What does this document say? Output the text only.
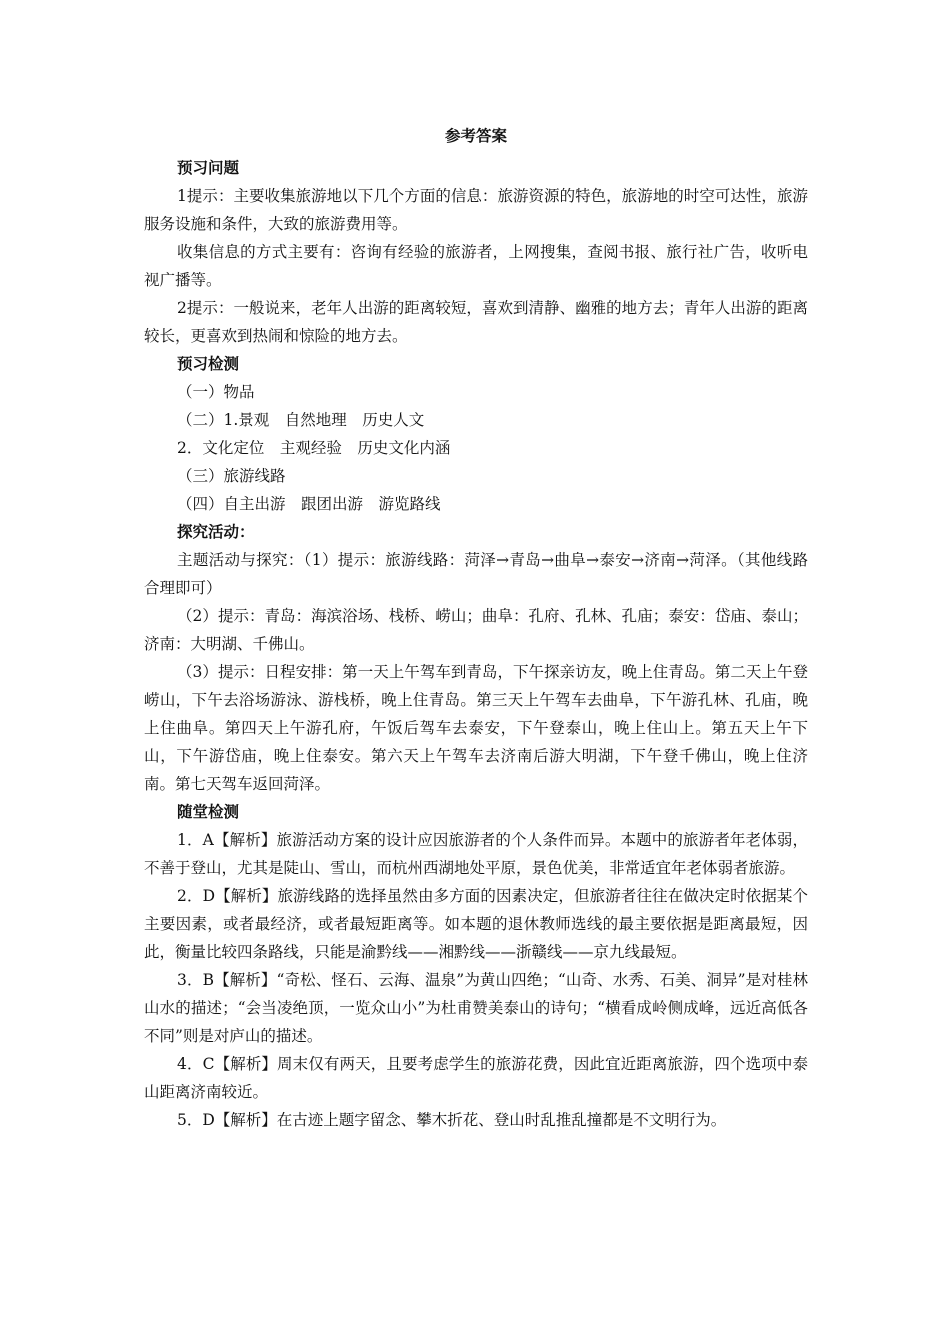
参考答案

预习问题

1提示：主要收集旅游地以下几个方面的信息：旅游资源的特色，旅游地的时空可达性，旅游服务设施和条件，大致的旅游费用等。

收集信息的方式主要有：咨询有经验的旅游者，上网搜集，查阅书报、旅行社广告，收听电视广播等。

2提示：一般说来，老年人出游的距离较短，喜欢到清静、幽雅的地方去；青年人出游的距离较长，更喜欢到热闹和惊险的地方去。

预习检测

（一）物品

（二）1.景观　自然地理　历史人文

2．文化定位　主观经验　历史文化内涵

（三）旅游线路

（四）自主出游　跟团出游　游览路线

探究活动：

主题活动与探究：（1）提示：旅游线路：菏泽→青岛→曲阜→泰安→济南→菏泽。（其他线路合理即可）

（2）提示：青岛：海滨浴场、栈桥、崂山；曲阜：孔府、孔林、孔庙；泰安：岱庙、泰山；济南：大明湖、千佛山。

（3）提示：日程安排：第一天上午驾车到青岛，下午探亲访友，晚上住青岛。第二天上午登崂山，下午去浴场游泳、游栈桥，晚上住青岛。第三天上午驾车去曲阜，下午游孔林、孔庙，晚上住曲阜。第四天上午游孔府，午饭后驾车去泰安，下午登泰山，晚上住山上。第五天上午下山，下午游岱庙，晚上住泰安。第六天上午驾车去济南后游大明湖，下午登千佛山，晚上住济南。第七天驾车返回菏泽。

随堂检测

1．A【解析】旅游活动方案的设计应因旅游者的个人条件而异。本题中的旅游者年老体弱，不善于登山，尤其是陡山、雪山，而杭州西湖地处平原，景色优美，非常适宜年老体弱者旅游。

2．D【解析】旅游线路的选择虽然由多方面的因素决定，但旅游者往往在做决定时依据某个主要因素，或者最经济，或者最短距离等。如本题的退休教师选线的最主要依据是距离最短，因此，衡量比较四条路线，只能是渝黔线——湘黔线——浙赣线——京九线最短。

3．B【解析】“奇松、怪石、云海、温泉”为黄山四绝；“山奇、水秀、石美、洞异”是对桂林山水的描述；“会当凌绝顶，一览众山小”为杜甫赞美泰山的诗句；“横看成岭侧成峰，远近高低各不同”则是对庐山的描述。

4．C【解析】周末仅有两天，且要考虑学生的旅游花费，因此宜近距离旅游，四个选项中泰山距离济南较近。

5．D【解析】在古迹上题字留念、攀木折花、登山时乱推乱撞都是不文明行为。
